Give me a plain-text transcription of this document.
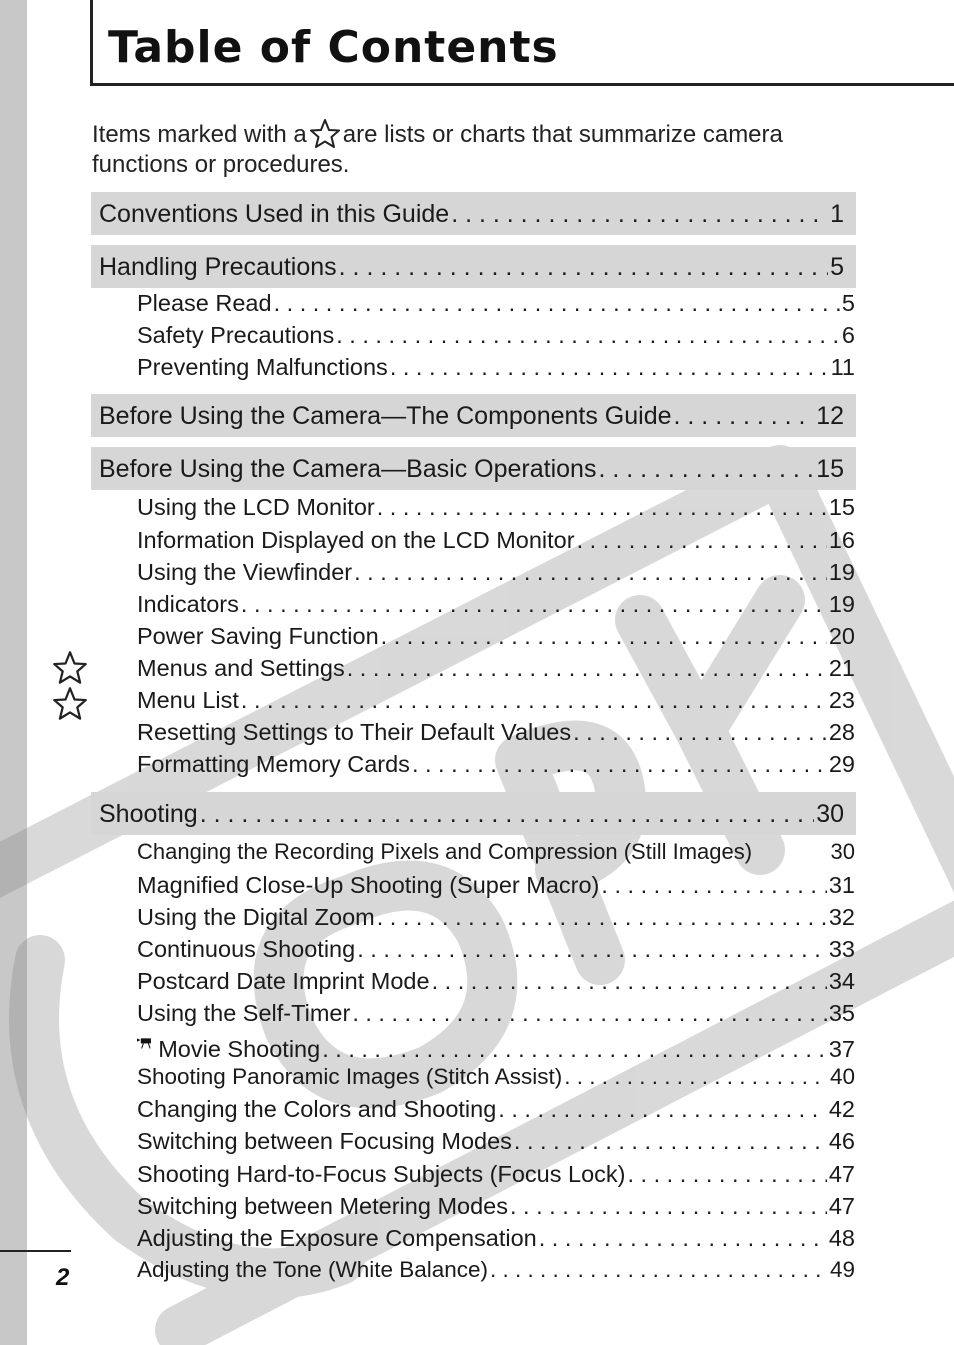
Table of Contents
Items marked with a are lists or charts that summarize camera functions or procedures.
Conventions Used in this Guide . . .	1
Handling Precautions . . .	5
Please Read . . .	5
Safety Precautions . . .	6
Preventing Malfunctions . . .	11
Before Using the Camera—The Components Guide . . .	12
Before Using the Camera—Basic Operations . . .	15
Using the LCD Monitor . . .	15
Information Displayed on the LCD Monitor . . .	16
Using the Viewfinder . . .	19
Indicators . . .	19
Power Saving Function . . .	20
Menus and Settings . . .	21
Menu List . . .	23
Resetting Settings to Their Default Values . . .	28
Formatting Memory Cards . . .	29
Shooting . . .	30
Changing the Recording Pixels and Compression (Still Images)	30
Magnified Close-Up Shooting (Super Macro) . . .	31
Using the Digital Zoom . . .	32
Continuous Shooting . . .	33
Postcard Date Imprint Mode . . .	34
Using the Self-Timer . . .	35
Movie Shooting . . .	37
Shooting Panoramic Images (Stitch Assist) . . .	40
Changing the Colors and Shooting . . .	42
Switching between Focusing Modes . . .	46
Shooting Hard-to-Focus Subjects (Focus Lock) . . .	47
Switching between Metering Modes . . .	47
Adjusting the Exposure Compensation . . .	48
Adjusting the Tone (White Balance) . . .	49
2
